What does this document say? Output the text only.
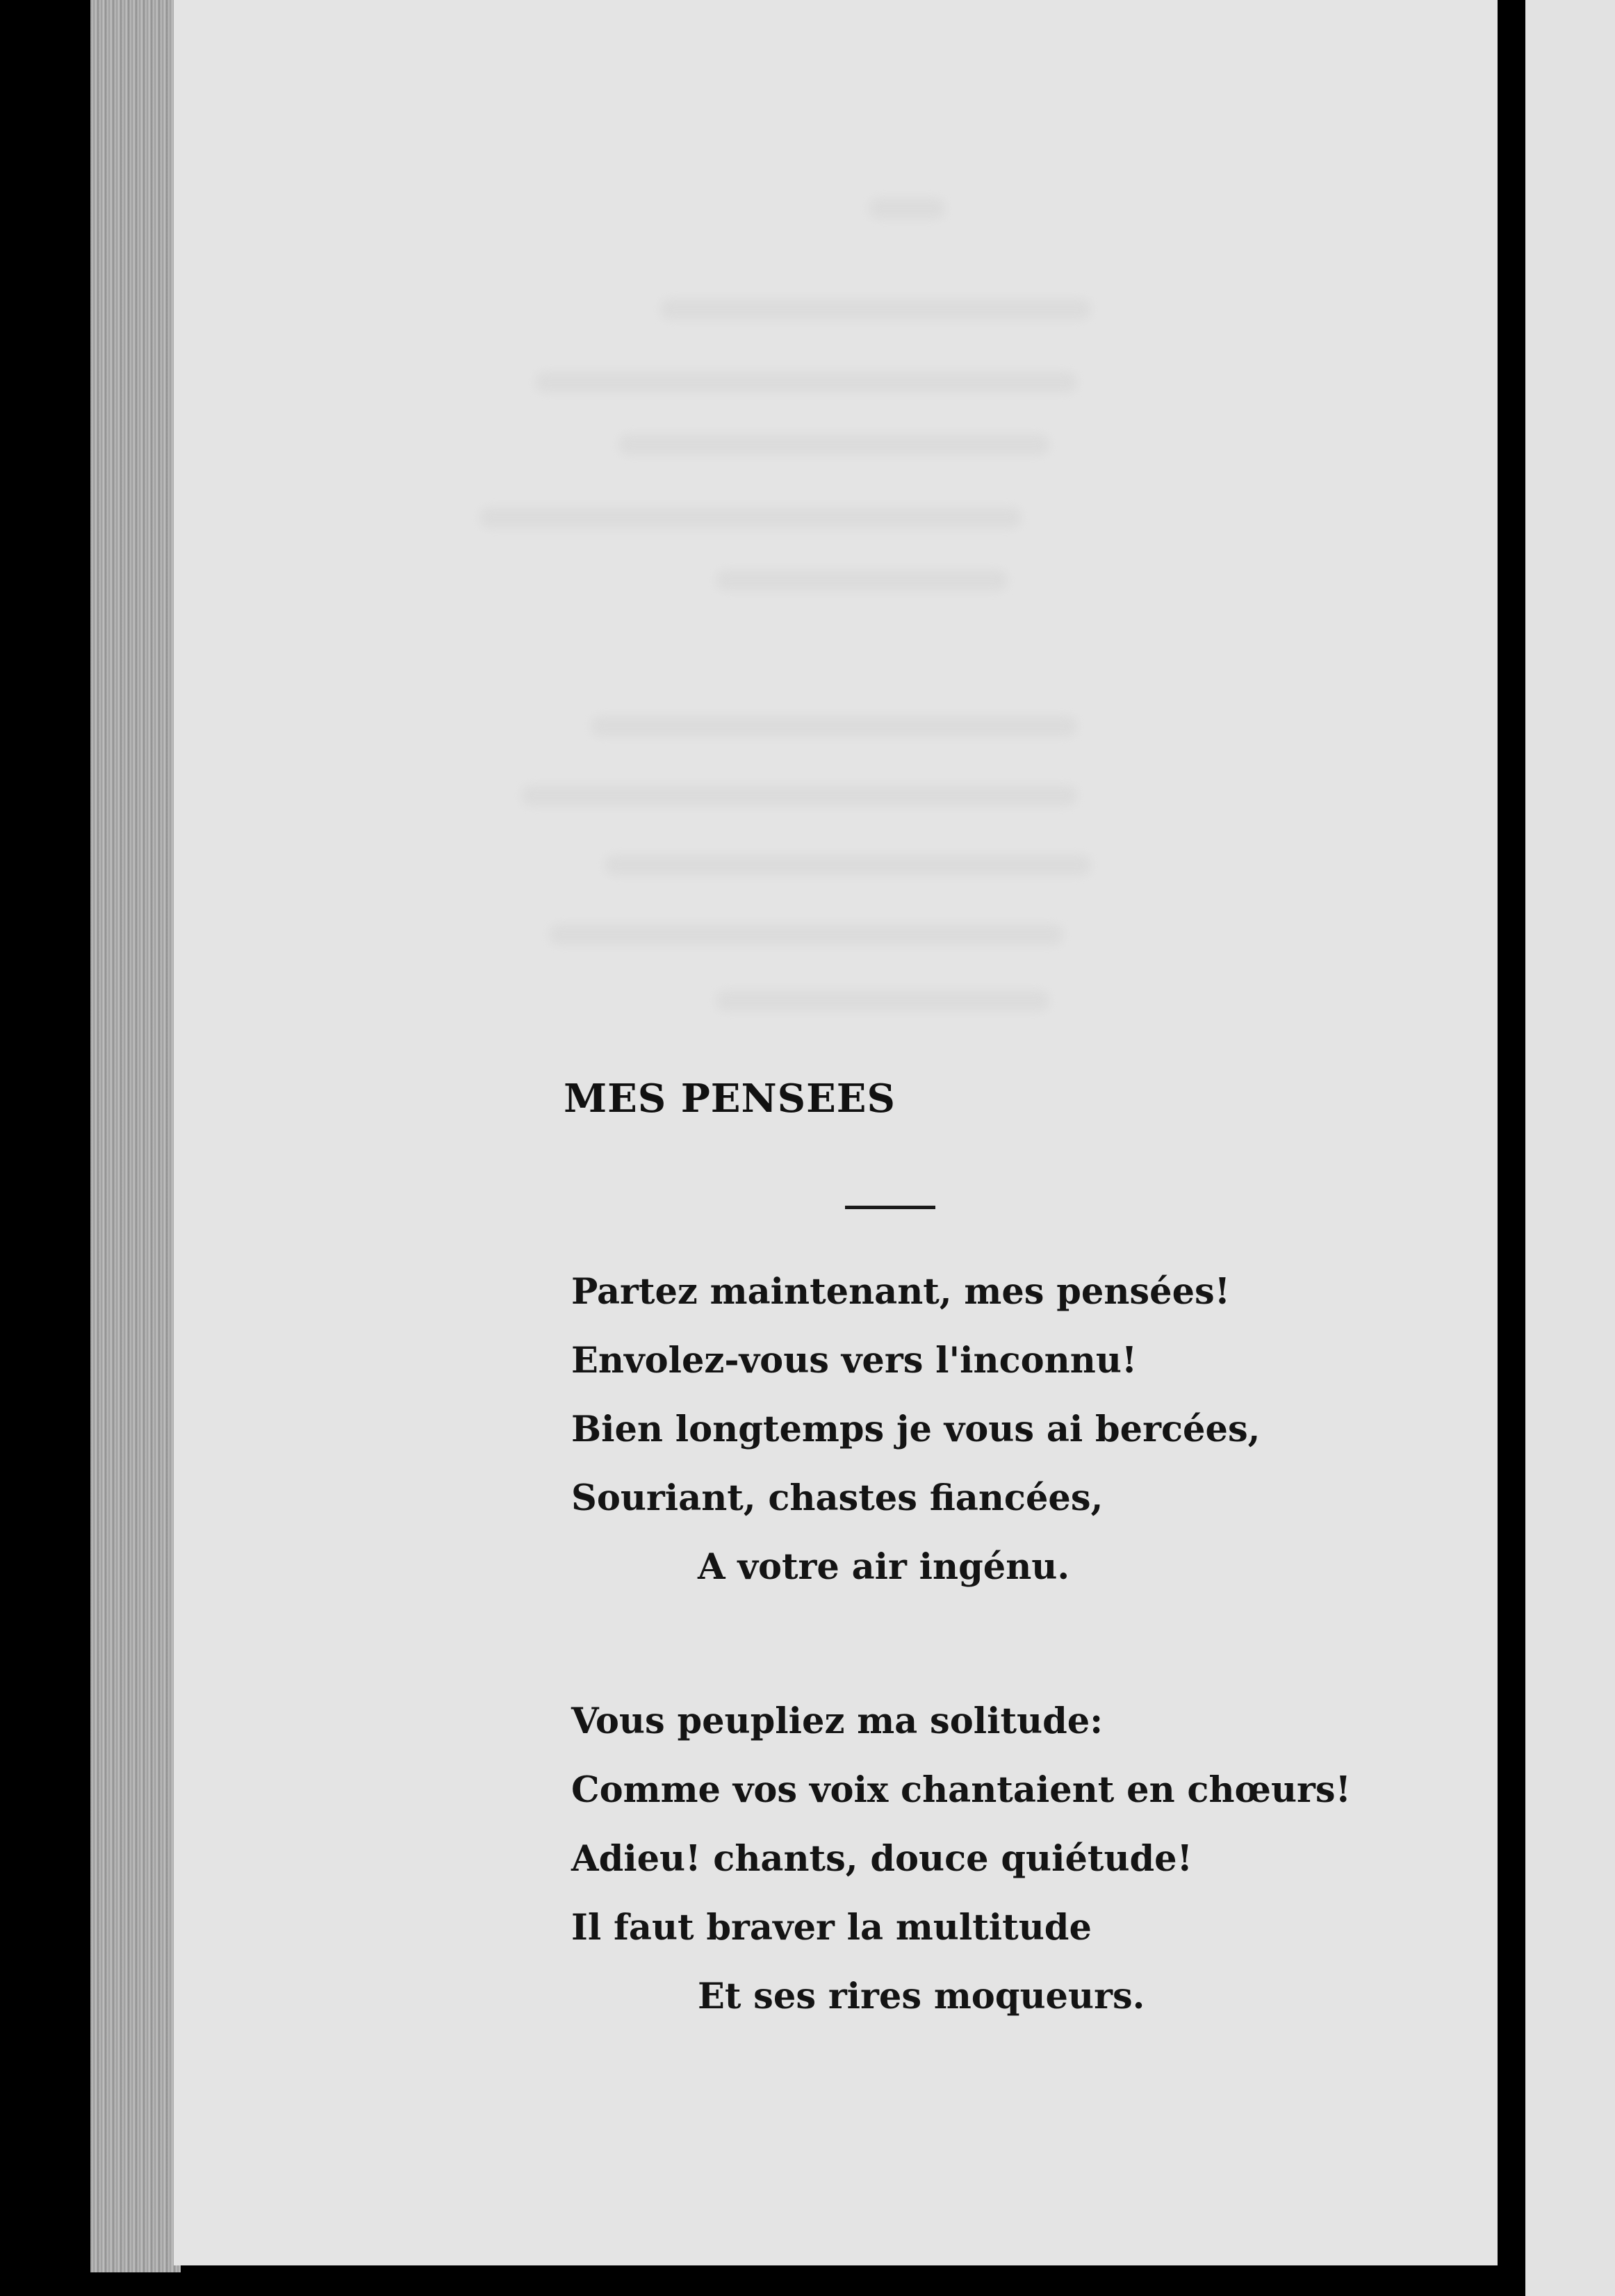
MES PENSEES
Partez maintenant, mes pensées!
Envolez-vous vers l'inconnu!
Bien longtemps je vous ai bercées,
Souriant, chastes fiancées,
A votre air ingénu.
Vous peupliez ma solitude:
Comme vos voix chantaient en chœurs!
Adieu! chants, douce quiétude!
Il faut braver la multitude
Et ses rires moqueurs.
